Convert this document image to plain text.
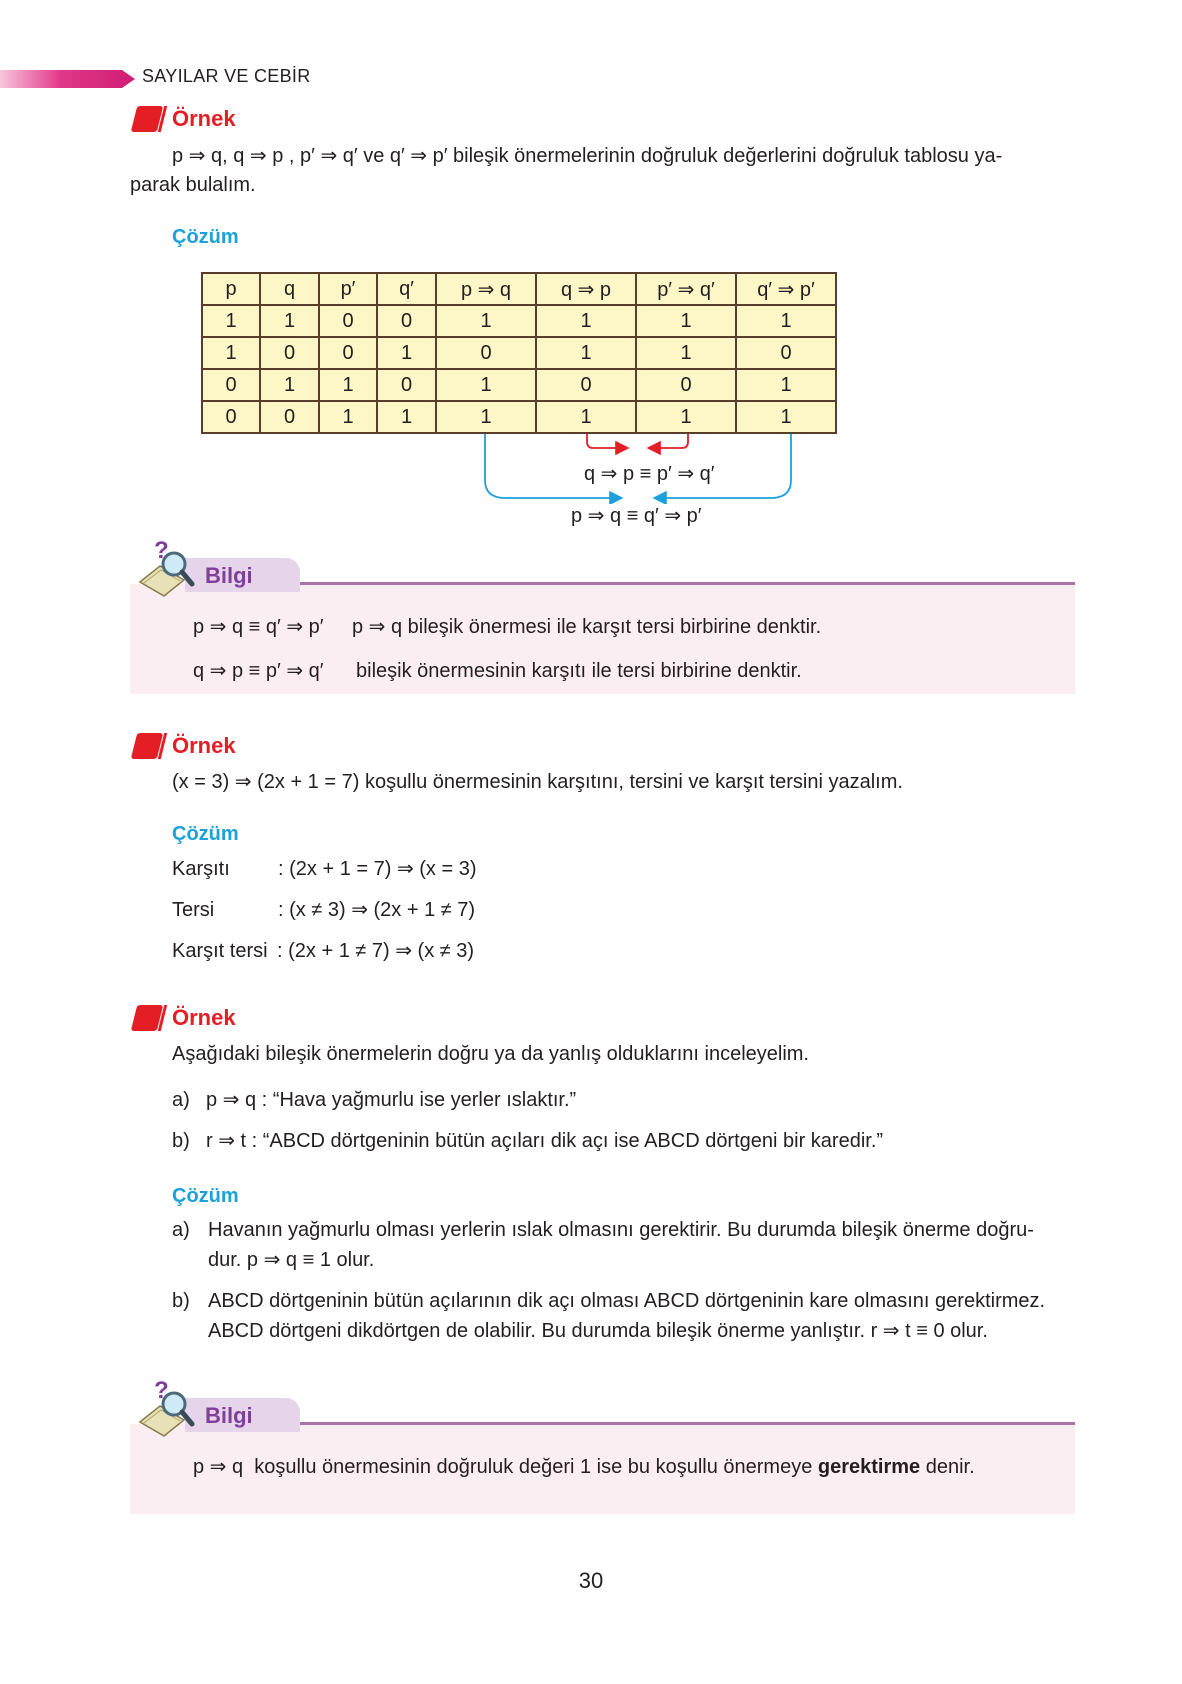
SAYILAR VE CEBİR
Örnek
p ⇒ q, q ⇒ p , p′ ⇒ q′ ve q′ ⇒ p′ bileşik önermelerinin doğruluk değerlerini doğruluk tablosu ya-
parak bulalım.
Çözüm
p	q	p′	q′	p ⇒ q	q ⇒ p	p′ ⇒ q′	q′ ⇒ p′
1	1	0	0	1	1	1	1
1	0	0	1	0	1	1	0
0	1	1	0	1	0	0	1
0	0	1	1	1	1	1	1
q ⇒ p ≡ p′ ⇒ q′
p ⇒ q ≡ q′ ⇒ p′
?
Bilgi
p ⇒ q ≡ q′ ⇒ p′ p ⇒ q bileşik önermesi ile karşıt tersi birbirine denktir.
q ⇒ p ≡ p′ ⇒ q′ bileşik önermesinin karşıtı ile tersi birbirine denktir.
Örnek
(x = 3) ⇒ (2x + 1 = 7) koşullu önermesinin karşıtını, tersini ve karşıt tersini yazalım.
Çözüm
Karşıtı : (2x + 1 = 7) ⇒ (x = 3)
Tersi	: (x ≠ 3) ⇒ (2x + 1 ≠ 7)
Karşıt tersi : (2x + 1 ≠ 7) ⇒ (x ≠ 3)
Örnek
Aşağıdaki bileşik önermelerin doğru ya da yanlış olduklarını inceleyelim.
a) p ⇒ q : “Hava yağmurlu ise yerler ıslaktır.”
b) r ⇒ t : “ABCD dörtgeninin bütün açıları dik açı ise ABCD dörtgeni bir karedir.”
Çözüm
a) Havanın yağmurlu olması yerlerin ıslak olmasını gerektirir. Bu durumda bileşik önerme doğru-
dur. p ⇒ q ≡ 1 olur.
b) ABCD dörtgeninin bütün açılarının dik açı olması ABCD dörtgeninin kare olmasını gerektirmez.
ABCD dörtgeni dikdörtgen de olabilir. Bu durumda bileşik önerme yanlıştır. r ⇒ t ≡ 0 olur.
?
Bilgi
p ⇒ q  koşullu önermesinin doğruluk değeri 1 ise bu koşullu önermeye gerektirme denir.
30
